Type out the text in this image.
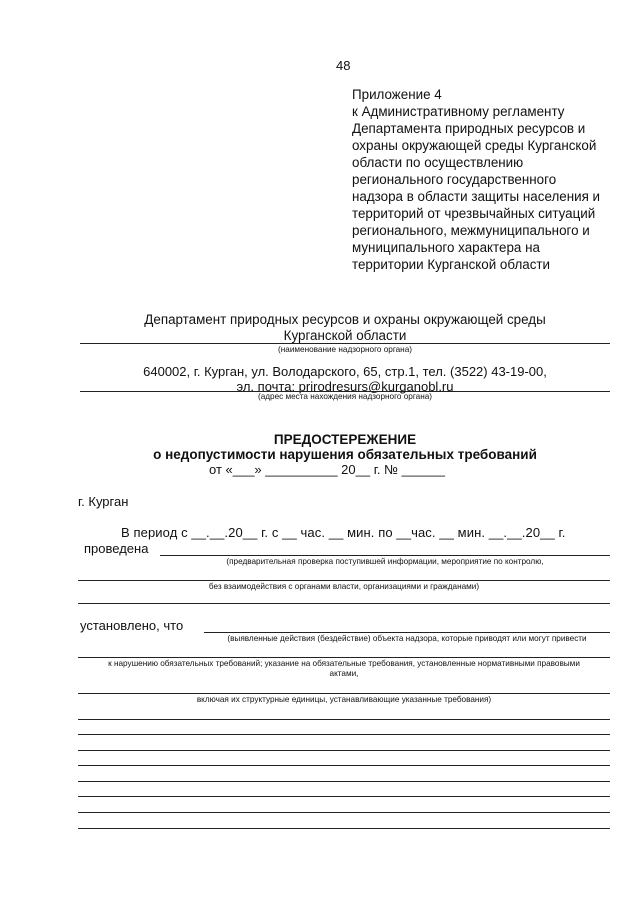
48
Приложение 4
к Административному регламенту
Департамента природных ресурсов и
охраны окружающей среды Курганской
области по осуществлению
регионального государственного
надзора в области защиты населения и
территорий от чрезвычайных ситуаций
регионального, межмуниципального и
муниципального характера на
территории Курганской области
Департамент природных ресурсов и охраны окружающей среды
Курганской области
(наименование надзорного органа)
640002, г. Курган, ул. Володарского, 65, стр.1, тел. (3522) 43-19-00,
эл. почта: prirodresurs@kurganobl.ru
(адрес места нахождения надзорного органа)
ПРЕДОСТЕРЕЖЕНИЕ
о недопустимости нарушения обязательных требований
от «___» __________ 20__ г. № ______
г. Курган
В период с __.__.20__ г. с __ час. __ мин. по __час. __ мин. __.__.20__ г.
проведена
(предварительная проверка поступившей информации, мероприятие по контролю,
без взаимодействия с органами власти, организациями и гражданами)
установлено, что
(выявленные действия (бездействие) объекта надзора, которые приводят или могут привести
к нарушению обязательных требований; указание на обязательные требования, установленные нормативными правовыми
актами,
включая их структурные единицы, устанавливающие указанные требования)
